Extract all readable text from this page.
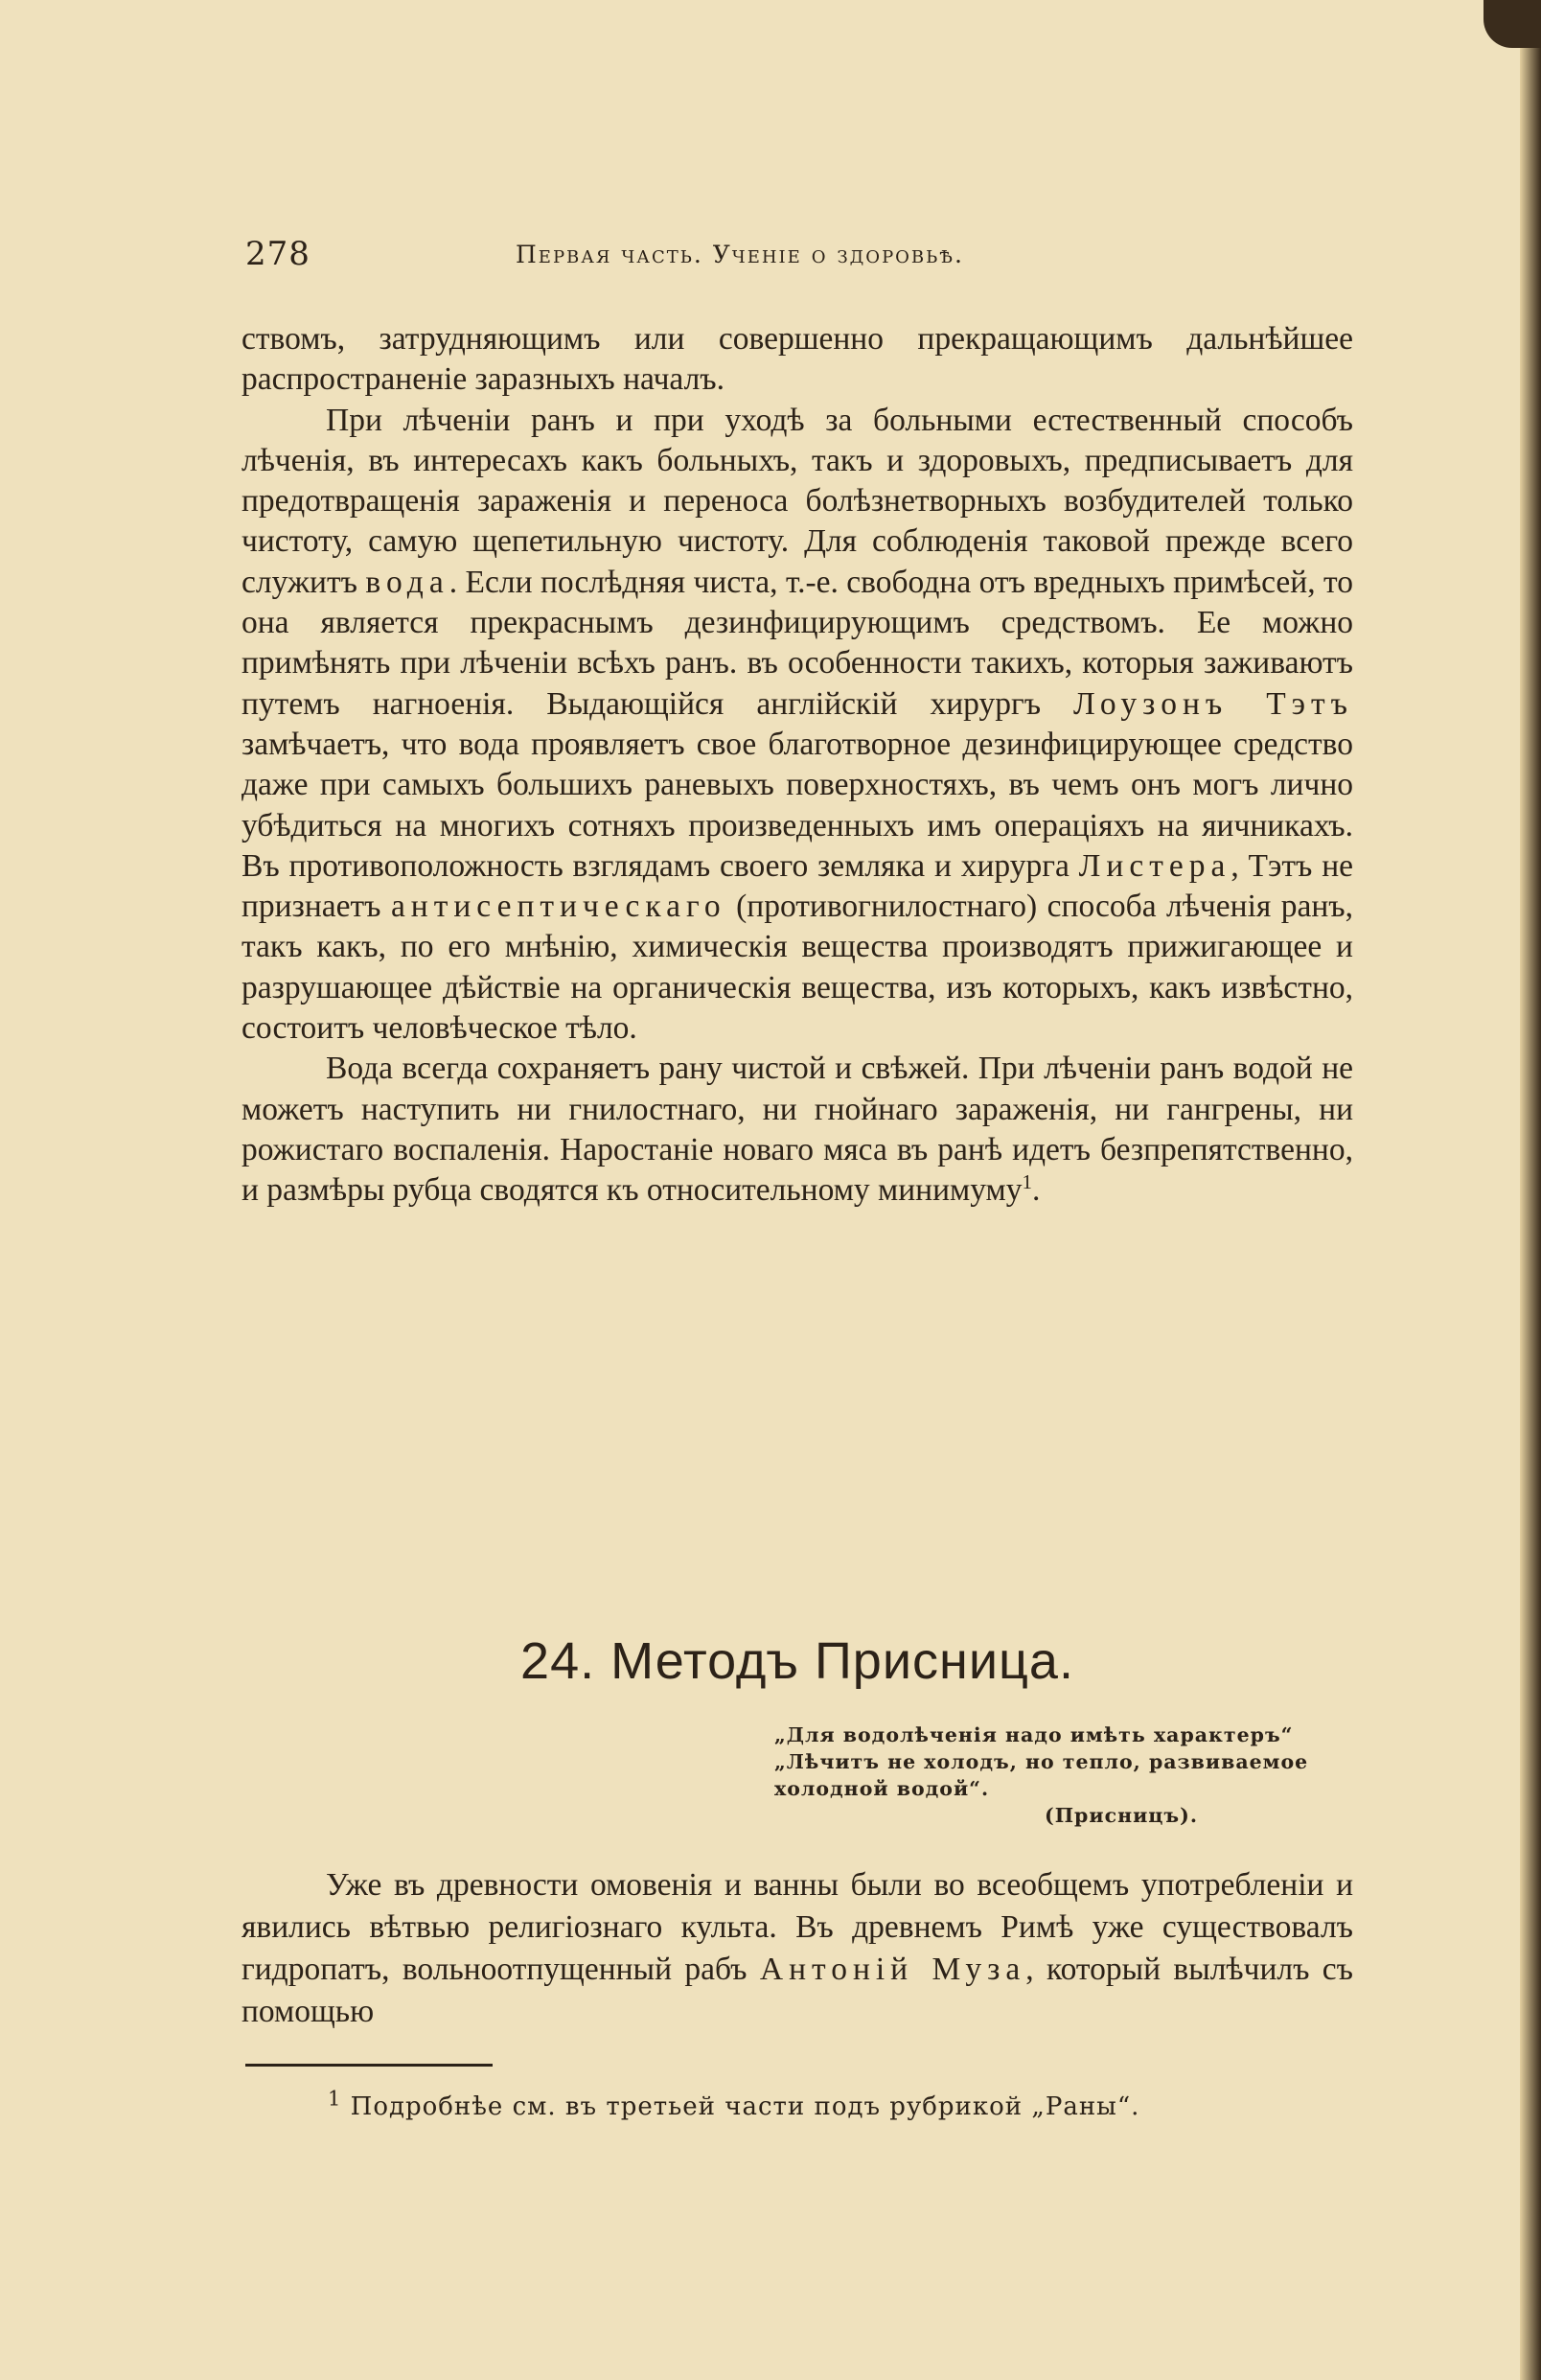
278	Первая часть. Ученіе о здоровьѣ.

ствомъ, затрудняющимъ или совершенно прекращающимъ дальнѣйшее распространеніе заразныхъ началъ.

При лѣченіи ранъ и при уходѣ за больными естественный способъ лѣченія, въ интересахъ какъ больныхъ, такъ и здоровыхъ, предписываетъ для предотвращенія зараженія и переноса болѣзнетворныхъ возбудителей только чистоту, самую щепетильную чистоту. Для соблюденія таковой прежде всего служитъ вода. Если послѣдняя чиста, т.-е. свободна отъ вредныхъ примѣсей, то она является прекраснымъ дезинфицирующимъ средствомъ. Ее можно примѣнять при лѣченіи всѣхъ ранъ. въ особенности такихъ, которыя заживаютъ путемъ нагноенія. Выдающійся англійскій хирургъ Лоузонъ Тэтъ замѣчаетъ, что вода проявляетъ свое благотворное дезинфицирующее средство даже при самыхъ большихъ раневыхъ поверхностяхъ, въ чемъ онъ могъ лично убѣдиться на многихъ сотняхъ произведенныхъ имъ операціяхъ на яичникахъ. Въ противоположность взглядамъ своего земляка и хирурга Листера, Тэтъ не признаетъ антисептическаго (противогнилостнаго) способа лѣченія ранъ, такъ какъ, по его мнѣнію, химическія вещества производятъ прижигающее и разрушающее дѣйствіе на органическія вещества, изъ которыхъ, какъ извѣстно, состоитъ человѣческое тѣло.

Вода всегда сохраняетъ рану чистой и свѣжей. При лѣченіи ранъ водой не можетъ наступить ни гнилостнаго, ни гнойнаго зараженія, ни гангрены, ни рожистаго воспаленія. Наростаніе новаго мяса въ ранѣ идетъ безпрепятственно, и размѣры рубца сводятся къ относительному минимуму$^1$.

24. Методъ Присница.
„Для водолѣченія надо имѣть характеръ“
„Лѣчитъ не холодъ, но тепло, развиваемое холодной водой“.
(Присницъ).

Уже въ древности омовенія и ванны были во всеобщемъ употребленіи и явились вѣтвью религіознаго культа. Въ древнемъ Римѣ уже существовалъ гидропатъ, вольноотпущенный рабъ Антоній Муза, который вылѣчилъ съ помощью

$^1$ Подробнѣе см. въ третьей части подъ рубрикой „Раны“.
